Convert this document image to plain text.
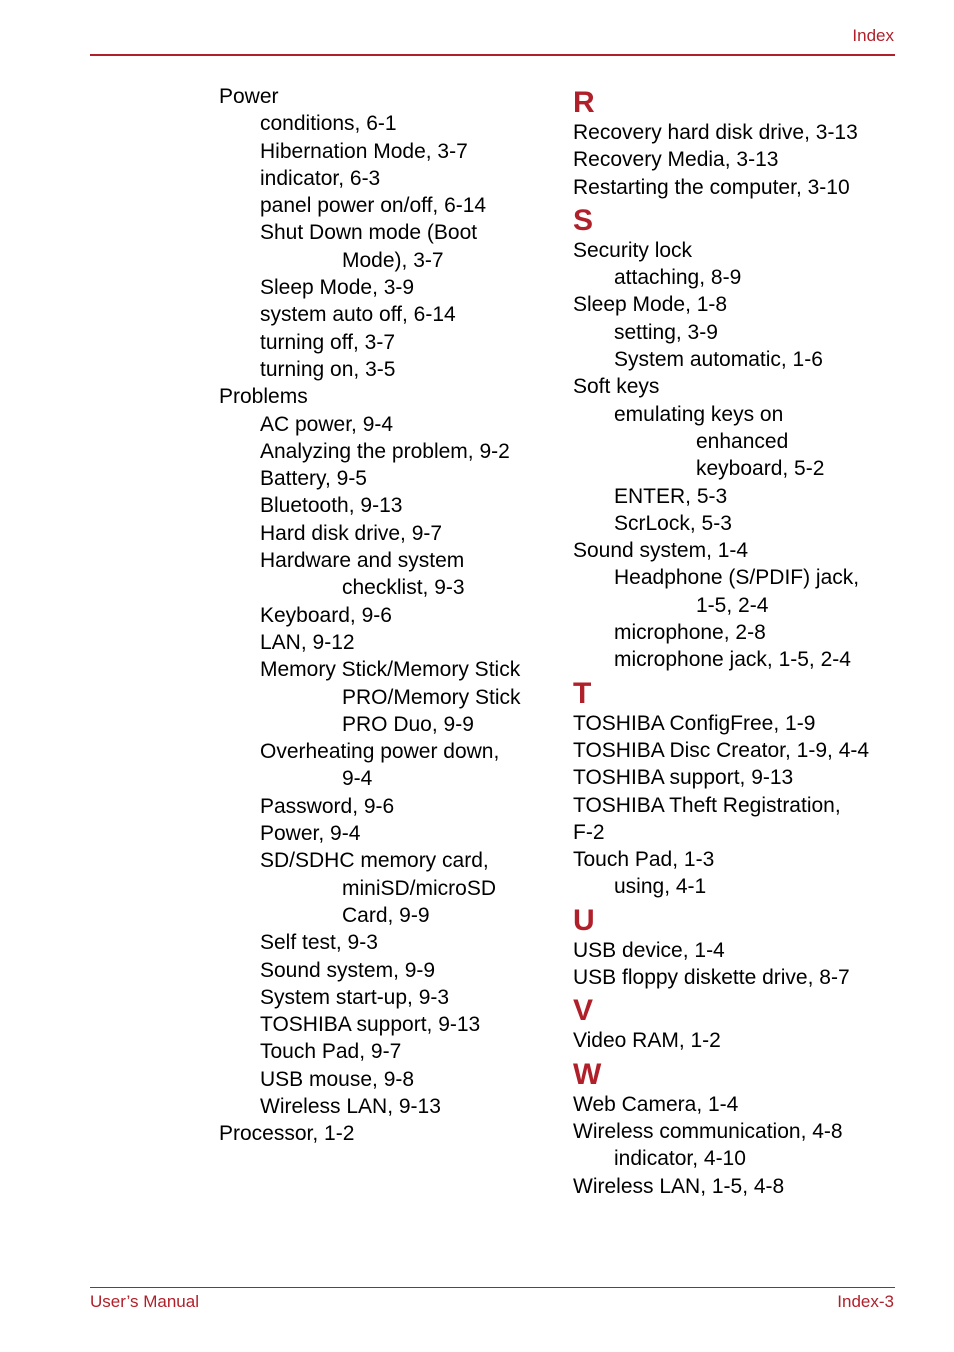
Index
Power
conditions, 6-1
Hibernation Mode, 3-7
indicator, 6-3
panel power on/off, 6-14
Shut Down mode (Boot
Mode), 3-7
Sleep Mode, 3-9
system auto off, 6-14
turning off, 3-7
turning on, 3-5
Problems
AC power, 9-4
Analyzing the problem, 9-2
Battery, 9-5
Bluetooth, 9-13
Hard disk drive, 9-7
Hardware and system
checklist, 9-3
Keyboard, 9-6
LAN, 9-12
Memory Stick/Memory Stick
PRO/Memory Stick
PRO Duo, 9-9
Overheating power down,
9-4
Password, 9-6
Power, 9-4
SD/SDHC memory card,
miniSD/microSD
Card, 9-9
Self test, 9-3
Sound system, 9-9
System start-up, 9-3
TOSHIBA support, 9-13
Touch Pad, 9-7
USB mouse, 9-8
Wireless LAN, 9-13
Processor, 1-2
R
Recovery hard disk drive, 3-13
Recovery Media, 3-13
Restarting the computer, 3-10
S
Security lock
attaching, 8-9
Sleep Mode, 1-8
setting, 3-9
System automatic, 1-6
Soft keys
emulating keys on
enhanced
keyboard, 5-2
ENTER, 5-3
ScrLock, 5-3
Sound system, 1-4
Headphone (S/PDIF) jack,
1-5, 2-4
microphone, 2-8
microphone jack, 1-5, 2-4
T
TOSHIBA ConfigFree, 1-9
TOSHIBA Disc Creator, 1-9, 4-4
TOSHIBA support, 9-13
TOSHIBA Theft Registration,
F-2
Touch Pad, 1-3
using, 4-1
U
USB device, 1-4
USB floppy diskette drive, 8-7
V
Video RAM, 1-2
W
Web Camera, 1-4
Wireless communication, 4-8
indicator, 4-10
Wireless LAN, 1-5, 4-8
User’s Manual	Index-3
